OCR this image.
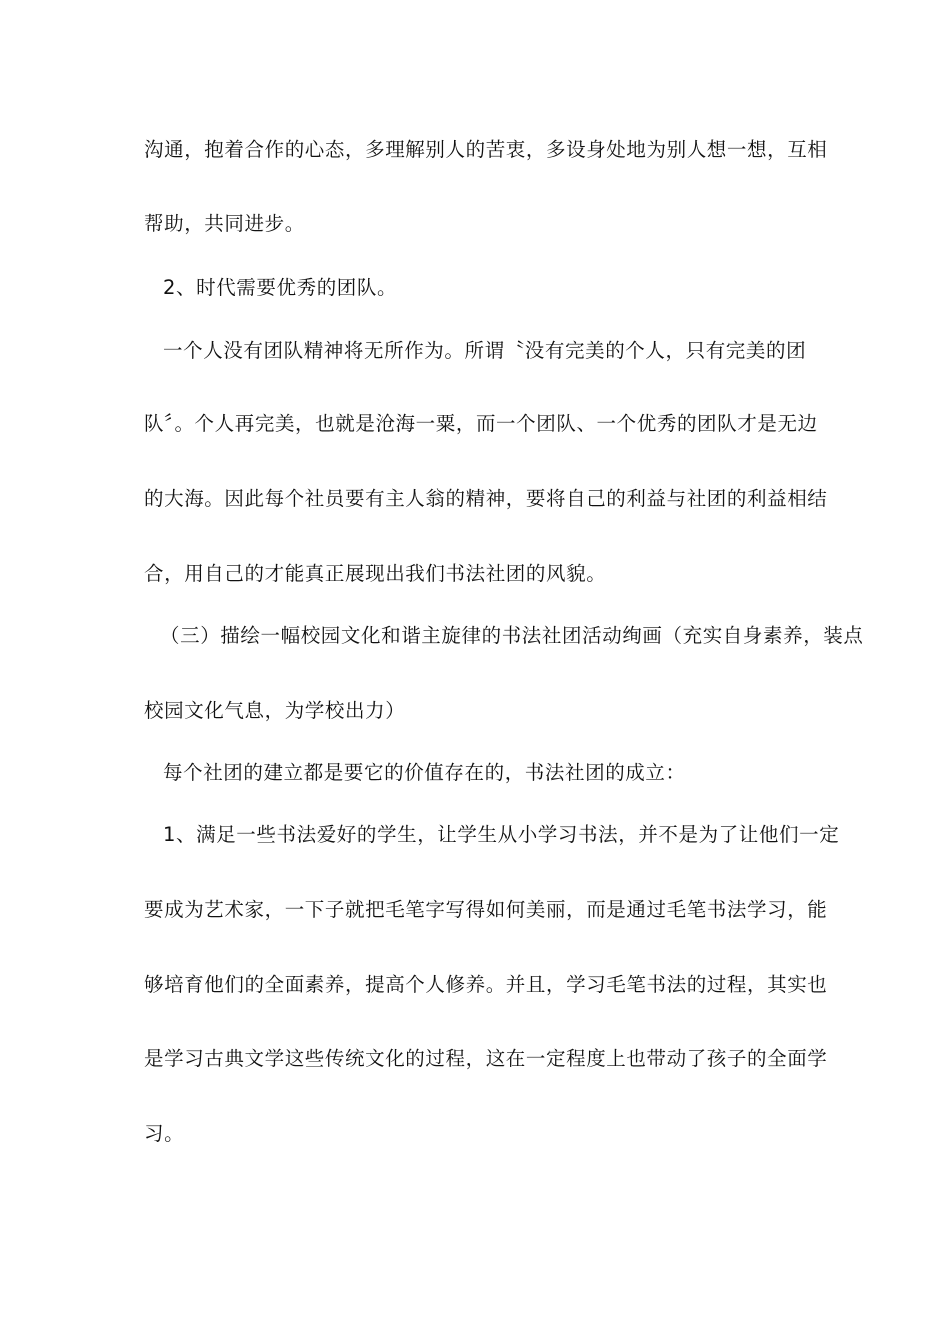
沟通，抱着合作的心态，多理解别人的苦衷，多设身处地为别人想一想，互相
帮助，共同进步。
2、时代需要优秀的团队。
一个人没有团队精神将无所作为。所谓〝没有完美的个人，只有完美的团
队〞。个人再完美，也就是沧海一粟，而一个团队、一个优秀的团队才是无边
的大海。因此每个社员要有主人翁的精神，要将自己的利益与社团的利益相结
合，用自己的才能真正展现出我们书法社团的风貌。
（三）描绘一幅校园文化和谐主旋律的书法社团活动绚画（充实自身素养，装点
校园文化气息，为学校出力）
每个社团的建立都是要它的价值存在的，书法社团的成立：
1、满足一些书法爱好的学生，让学生从小学习书法，并不是为了让他们一定
要成为艺术家，一下子就把毛笔字写得如何美丽，而是通过毛笔书法学习，能
够培育他们的全面素养，提高个人修养。并且，学习毛笔书法的过程，其实也
是学习古典文学这些传统文化的过程，这在一定程度上也带动了孩子的全面学
习。
